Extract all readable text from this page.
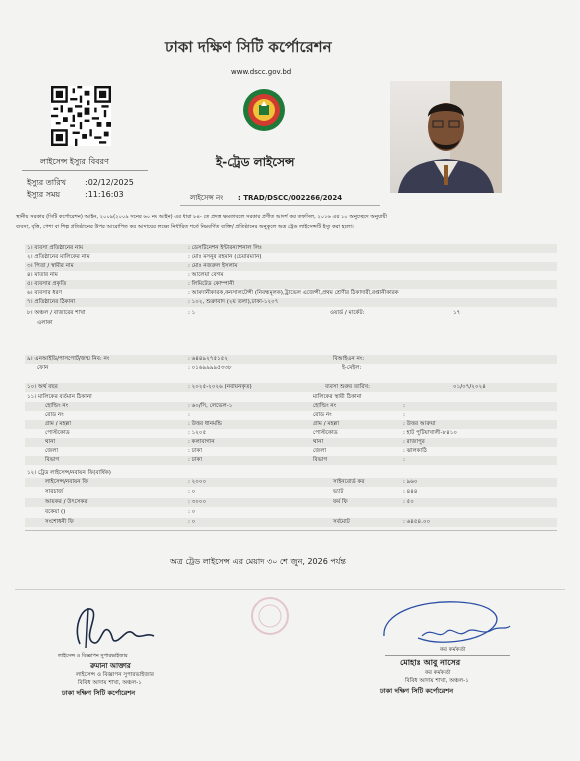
ঢাকা দক্ষিণ সিটি কর্পোরেশন
www.dscc.gov.bd
লাইসেন্স ইস্যুর বিবরণ
ইস্যুর তারিখ :02/12/2025
ইস্যুর সময়	:11:16:03
ই-ট্রেড লাইসেন্স
লাইসেন্স নং : TRAD/DSCC/002266/2024
স্থানীয় সরকার (সিটি কর্পোরেশন) আইন, ২০০৯(২০০৯ সনের ৬০ নং আইন) এর ধারা ৮৪- তে প্রদত্ত ক্ষমতাবলে সরকার প্রণীত আদর্শ কর তফসিল, ২০১৬ এর ১০ অনুচ্ছেদে অনুযায়ী
ব্যবসা, বৃত্তি, পেশা বা শিল্প প্রতিষ্ঠানের উপর আরোপিত কর আদায়ের লক্ষ্যে নির্ধারিত শর্তে নিম্নবর্ণিত ব্যক্তি/ প্রতিষ্ঠানের অনুকূলে অত্র ট্রেড লাইসেন্সটি ইস্যু করা হলো।
১। ব্যবসা প্রতিষ্ঠানের নাম	: ডেসটিনেশন ইন্টারন্যাশনাল লিঃ
২। প্রতিষ্ঠানের মালিকের নাম	: মোঃ মসনুর রহমান (চেয়ারম্যান)
৩। পিতা / স্বামীর নাম	: মোঃ নজরুল ইসলাম
৪। মাতার নাম	: আলেয়া বেগম
৫। ব্যবসার প্রকৃতি	: লিমিটেড কোম্পানী
৬। ব্যবসার ধরণ	: আমদানীকারক,কনসালটেন্সী (নিবন্ধমূলক),ট্রাভেল এজেন্সী,প্রথম শ্রেণীর ঠিকাদারী,রপ্তানীকারক
৭। প্রতিষ্ঠানের ঠিকানা	: ১০২, শুক্রাবাদ (২য় তলা),ঢাকা-১২০৭
৮। অঞ্চল / বাজারের শাখা	: ১	ওয়ার্ড / মার্কেট:	১৭
এলাকা
৯। এনআইডি/পাসপোর্ট/জন্ম নিব: নং	: ৬৪৪৯২৭৫১৫২	বিআইএন নং:
ফোন	: ০১৬৯৯৯৯৫৩৩৮	ই-মেইল:
১০। অর্থ বছর	: ২০২৫-২০২৬ (নবায়নকৃত)	ব্যবসা শুরুর তারিখ:	০১/০৭/২০২৪
১১। মালিকের বর্তমান ঠিকানা	মালিকের স্থায়ী ঠিকানা
হোল্ডিং নং	: ৬০/সি, লেভেল-১	হোল্ডিং নং	:
রোড নং	:	রোড নং	:
গ্রাম / মহল্লা	: উত্তর ধানমন্ডি	গ্রাম / মহল্লা	: উত্তর আরুয়া
পোস্টকোড	: ১২০৫	পোস্টকোড	: হাট পুটিয়াখালী-৮৪১০
থানা	: কলাবাগান	থানা	: রাজাপুর
জেলা	: ঢাকা	জেলা	: ঝালকাঠি
বিভাগ	: ঢাকা	বিভাগ	:
১২। ট্রেড লাইসেন্স/নবায়ন ফি(বার্ষিক)
লাইসেন্স/নবায়ন ফি	: ২০০০	সাইনবোর্ড কর	: ৯৬০
সারচার্জ	: ০	ভ্যাট	: ৪৪৪
আয়কর / উৎসেকর	: ৩০০০	ফর্ম ফি	: ৫০
বকেয়া ()	: ০
সংশোধনী ফি	: ০	সর্বমোট	: ৬৪৫৪.০০
অত্র ট্রেড লাইসেন্স এর মেয়াদ ৩০ শে জুন, 2026 পর্যন্ত
লাইসেন্স ও বিজ্ঞাপন সুপারভাইজার
রুমানা আক্তার
লাইসেন্স ও বিজ্ঞাপন সুপারভাইজার
বিবিধ আদায় শাখা, অঞ্চল-১
ঢাকা দক্ষিণ সিটি কর্পোরেশন
কর কর্মকর্তা
মোহাঃ আবু নাসের
কর কর্মকর্তা
বিবিধ আদায় শাখা, অঞ্চল-১
ঢাকা দক্ষিণ সিটি কর্পোরেশন
